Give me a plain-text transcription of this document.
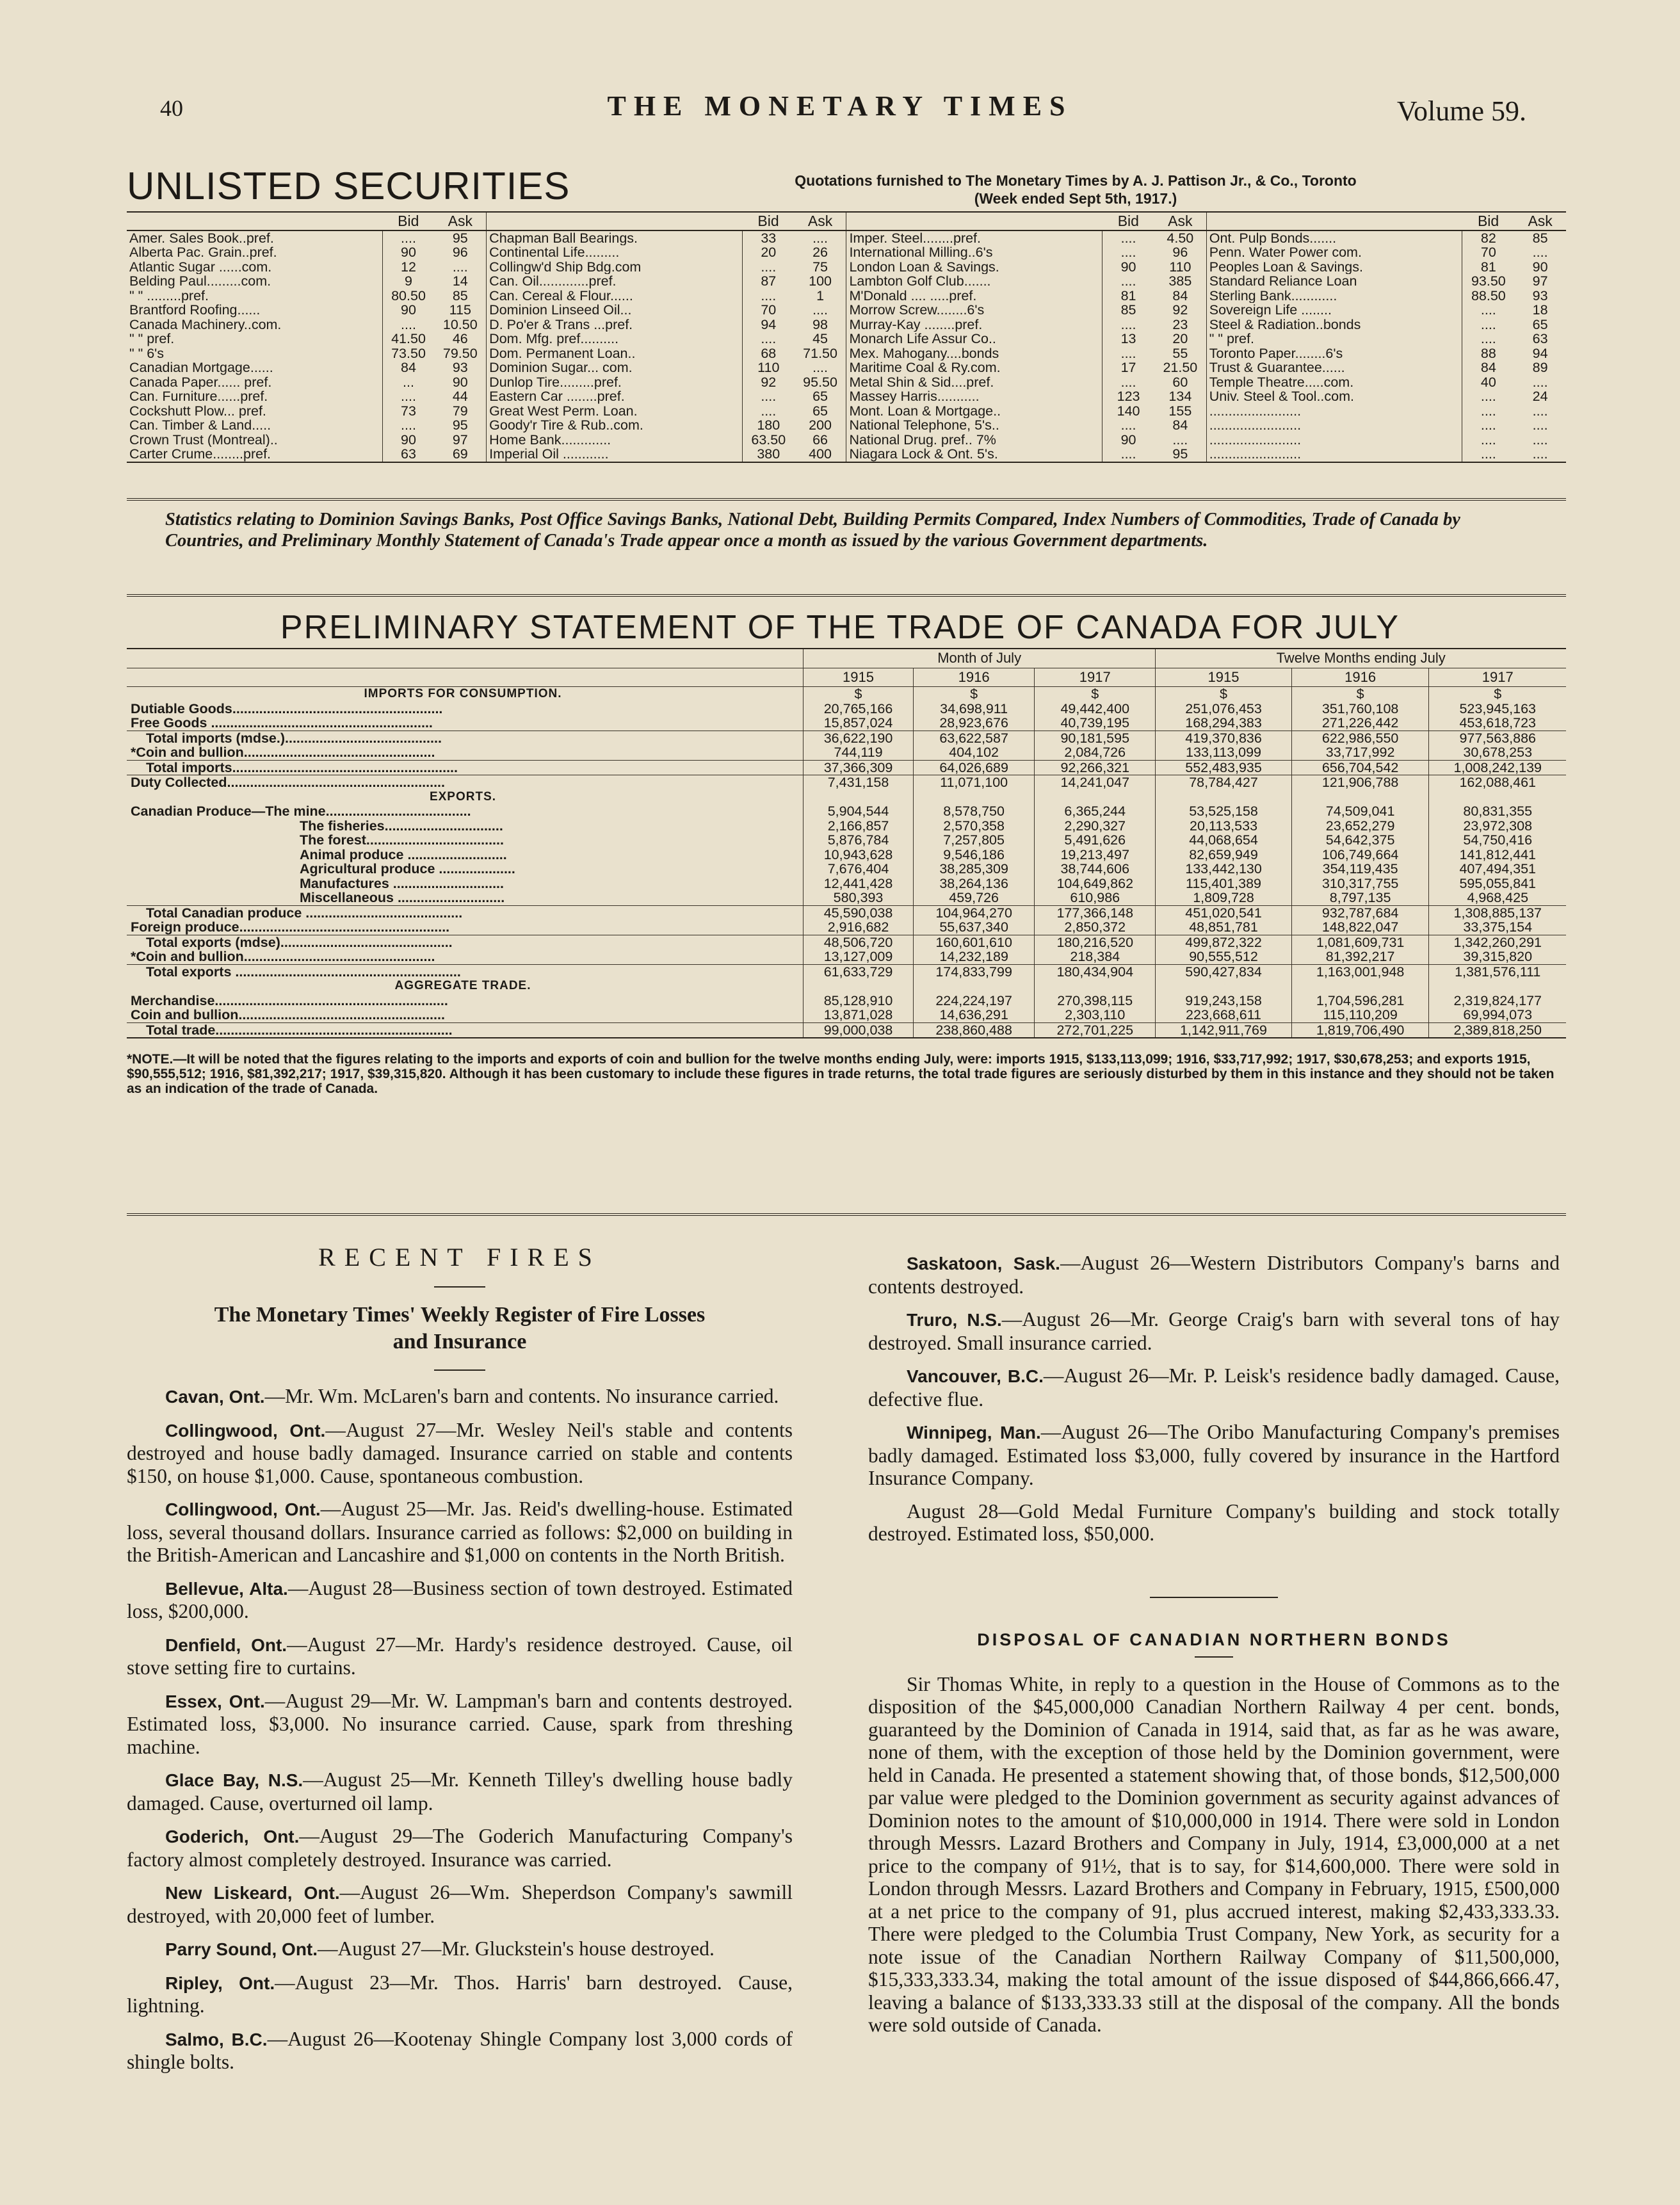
40	THE MONETARY TIMES	Volume 59.
UNLISTED SECURITIES	Quotations furnished to The Monetary Times by A. J. Pattison Jr., & Co., Toronto
(Week ended Sept 5th, 1917.)
	Bid	Ask		Bid	Ask		Bid	Ask		Bid	Ask
Amer. Sales Book..pref.	....	95	Chapman Ball Bearings.	33	....	Imper. Steel........pref.	....	4.50	Ont. Pulp Bonds.......	82	85
Alberta Pac. Grain..pref.	90	96	Continental Life.........	20	26	International Milling..6's	....	96	Penn. Water Power com.	70	....
Atlantic Sugar ......com.	12	....	Collingw'd Ship Bdg.com	....	75	London Loan & Savings.	90	110	Peoples Loan & Savings.	81	90
Belding Paul.........com.	9	14	Can. Oil.............pref.	87	100	Lambton Golf Club.......	....	385	Standard Reliance Loan	93.50	97
" " .........pref.	80.50	85	Can. Cereal & Flour......	....	1	M'Donald .... .....pref.	81	84	Sterling Bank............	88.50	93
Brantford Roofing......	90	115	Dominion Linseed Oil...	70	....	Morrow Screw........6's	85	92	Sovereign Life ........	....	18
Canada Machinery..com.	....	10.50	D. Po'er & Trans ...pref.	94	98	Murray-Kay ........pref.	....	23	Steel & Radiation..bonds	....	65
" " pref.	41.50	46	Dom. Mfg. pref..........	....	45	Monarch Life Assur Co..	13	20	" " pref.	....	63
" " 6's	73.50	79.50	Dom. Permanent Loan..	68	71.50	Mex. Mahogany....bonds	....	55	Toronto Paper........6's	88	94
Canadian Mortgage......	84	93	Dominion Sugar... com.	110	....	Maritime Coal & Ry.com.	17	21.50	Trust & Guarantee......	84	89
Canada Paper...... pref.	...	90	Dunlop Tire.........pref.	92	95.50	Metal Shin & Sid....pref.	....	60	Temple Theatre.....com.	40	....
Can. Furniture......pref.	....	44	Eastern Car ........pref.	....	65	Massey Harris...........	123	134	Univ. Steel & Tool..com.	....	24
Cockshutt Plow... pref.	73	79	Great West Perm. Loan.	....	65	Mont. Loan & Mortgage..	140	155	........................	....	....
Can. Timber & Land.....	....	95	Goody'r Tire & Rub..com.	180	200	National Telephone, 5's..	....	84	........................	....	....
Crown Trust (Montreal)..	90	97	Home Bank.............	63.50	66	National Drug. pref.. 7%	90	....	........................	....	....
Carter Crume........pref.	63	69	Imperial Oil ............	380	400	Niagara Lock & Ont. 5's.	....	95	........................	....	....
Statistics relating to Dominion Savings Banks, Post Office Savings Banks, National Debt, Building Permits Compared, Index Numbers of Commodities, Trade of Canada by Countries, and Preliminary Monthly Statement of Canada's Trade appear once a month as issued by the various Government departments.
PRELIMINARY STATEMENT OF THE TRADE OF CANADA FOR JULY
	Month of July			Twelve Months ending July		
	1915	1916	1917	1915	1916	1917
IMPORTS FOR CONSUMPTION.	$	$	$	$	$	$
Dutiable Goods.......................................................	20,765,166	34,698,911	49,442,400	251,076,453	351,760,108	523,945,163
Free Goods ..........................................................	15,857,024	28,923,676	40,739,195	168,294,383	271,226,442	453,618,723
Total imports (mdse.).........................................	36,622,190	63,622,587	90,181,595	419,370,836	622,986,550	977,563,886
*Coin and bullion..................................................	744,119	404,102	2,084,726	133,113,099	33,717,992	30,678,253
Total imports...........................................................	37,366,309	64,026,689	92,266,321	552,483,935	656,704,542	1,008,242,139
Duty Collected.........................................................	7,431,158	11,071,100	14,241,047	78,784,427	121,906,788	162,088,461
EXPORTS.						
Canadian Produce—The mine......................................	5,904,544	8,578,750	6,365,244	53,525,158	74,509,041	80,831,355
The fisheries...............................	2,166,857	2,570,358	2,290,327	20,113,533	23,652,279	23,972,308
The forest....................................	5,876,784	7,257,805	5,491,626	44,068,654	54,642,375	54,750,416
Animal produce ..........................	10,943,628	9,546,186	19,213,497	82,659,949	106,749,664	141,812,441
Agricultural produce ....................	7,676,404	38,285,309	38,744,606	133,442,130	354,119,435	407,494,351
Manufactures .............................	12,441,428	38,264,136	104,649,862	115,401,389	310,317,755	595,055,841
Miscellaneous ............................	580,393	459,726	610,986	1,809,728	8,797,135	4,968,425
Total Canadian produce .........................................	45,590,038	104,964,270	177,366,148	451,020,541	932,787,684	1,308,885,137
Foreign produce.......................................................	2,916,682	55,637,340	2,850,372	48,851,781	148,822,047	33,375,154
Total exports (mdse).............................................	48,506,720	160,601,610	180,216,520	499,872,322	1,081,609,731	1,342,260,291
*Coin and bullion..................................................	13,127,009	14,232,189	218,384	90,555,512	81,392,217	39,315,820
Total exports ...........................................................	61,633,729	174,833,799	180,434,904	590,427,834	1,163,001,948	1,381,576,111
AGGREGATE TRADE.						
Merchandise.............................................................	85,128,910	224,224,197	270,398,115	919,243,158	1,704,596,281	2,319,824,177
Coin and bullion......................................................	13,871,028	14,636,291	2,303,110	223,668,611	115,110,209	69,994,073
Total trade..............................................................	99,000,038	238,860,488	272,701,225	1,142,911,769	1,819,706,490	2,389,818,250
*NOTE.—It will be noted that the figures relating to the imports and exports of coin and bullion for the twelve months ending July, were: imports 1915, $133,113,099; 1916, $33,717,992; 1917, $30,678,253; and exports 1915, $90,555,512; 1916, $81,392,217; 1917, $39,315,820. Although it has been customary to include these figures in trade returns, the total trade figures are seriously disturbed by them in this instance and they should not be taken as an indication of the trade of Canada.
RECENT FIRES
The Monetary Times' Weekly Register of Fire Losses
and Insurance

Cavan, Ont.—Mr. Wm. McLaren's barn and contents. No insurance carried.

Collingwood, Ont.—August 27—Mr. Wesley Neil's stable and contents destroyed and house badly damaged. Insurance carried on stable and contents $150, on house $1,000. Cause, spontaneous combustion.

Collingwood, Ont.—August 25—Mr. Jas. Reid's dwelling-house. Estimated loss, several thousand dollars. Insurance carried as follows: $2,000 on building in the British-American and Lancashire and $1,000 on contents in the North British.

Bellevue, Alta.—August 28—Business section of town destroyed. Estimated loss, $200,000.

Denfield, Ont.—August 27—Mr. Hardy's residence destroyed. Cause, oil stove setting fire to curtains.

Essex, Ont.—August 29—Mr. W. Lampman's barn and contents destroyed. Estimated loss, $3,000. No insurance carried. Cause, spark from threshing machine.

Glace Bay, N.S.—August 25—Mr. Kenneth Tilley's dwelling house badly damaged. Cause, overturned oil lamp.

Goderich, Ont.—August 29—The Goderich Manufacturing Company's factory almost completely destroyed. Insurance was carried.

New Liskeard, Ont.—August 26—Wm. Sheperdson Company's sawmill destroyed, with 20,000 feet of lumber.

Parry Sound, Ont.—August 27—Mr. Gluckstein's house destroyed.

Ripley, Ont.—August 23—Mr. Thos. Harris' barn destroyed. Cause, lightning.

Salmo, B.C.—August 26—Kootenay Shingle Company lost 3,000 cords of shingle bolts.

Saskatoon, Sask.—August 26—Western Distributors Company's barns and contents destroyed.

Truro, N.S.—August 26—Mr. George Craig's barn with several tons of hay destroyed. Small insurance carried.

Vancouver, B.C.—August 26—Mr. P. Leisk's residence badly damaged. Cause, defective flue.

Winnipeg, Man.—August 26—The Oribo Manufacturing Company's premises badly damaged. Estimated loss $3,000, fully covered by insurance in the Hartford Insurance Company.

August 28—Gold Medal Furniture Company's building and stock totally destroyed. Estimated loss, $50,000.

DISPOSAL OF CANADIAN NORTHERN BONDS

Sir Thomas White, in reply to a question in the House of Commons as to the disposition of the $45,000,000 Canadian Northern Railway 4 per cent. bonds, guaranteed by the Dominion of Canada in 1914, said that, as far as he was aware, none of them, with the exception of those held by the Dominion government, were held in Canada. He presented a statement showing that, of those bonds, $12,500,000 par value were pledged to the Dominion government as security against advances of Dominion notes to the amount of $10,000,000 in 1914. There were sold in London through Messrs. Lazard Brothers and Company in July, 1914, £3,000,000 at a net price to the company of 91½, that is to say, for $14,600,000. There were sold in London through Messrs. Lazard Brothers and Company in February, 1915, £500,000 at a net price to the company of 91, plus accrued interest, making $2,433,333.33. There were pledged to the Columbia Trust Company, New York, as security for a note issue of the Canadian Northern Railway Company of $11,500,000, $15,333,333.34, making the total amount of the issue disposed of $44,866,666.47, leaving a balance of $133,333.33 still at the disposal of the company. All the bonds were sold outside of Canada.
